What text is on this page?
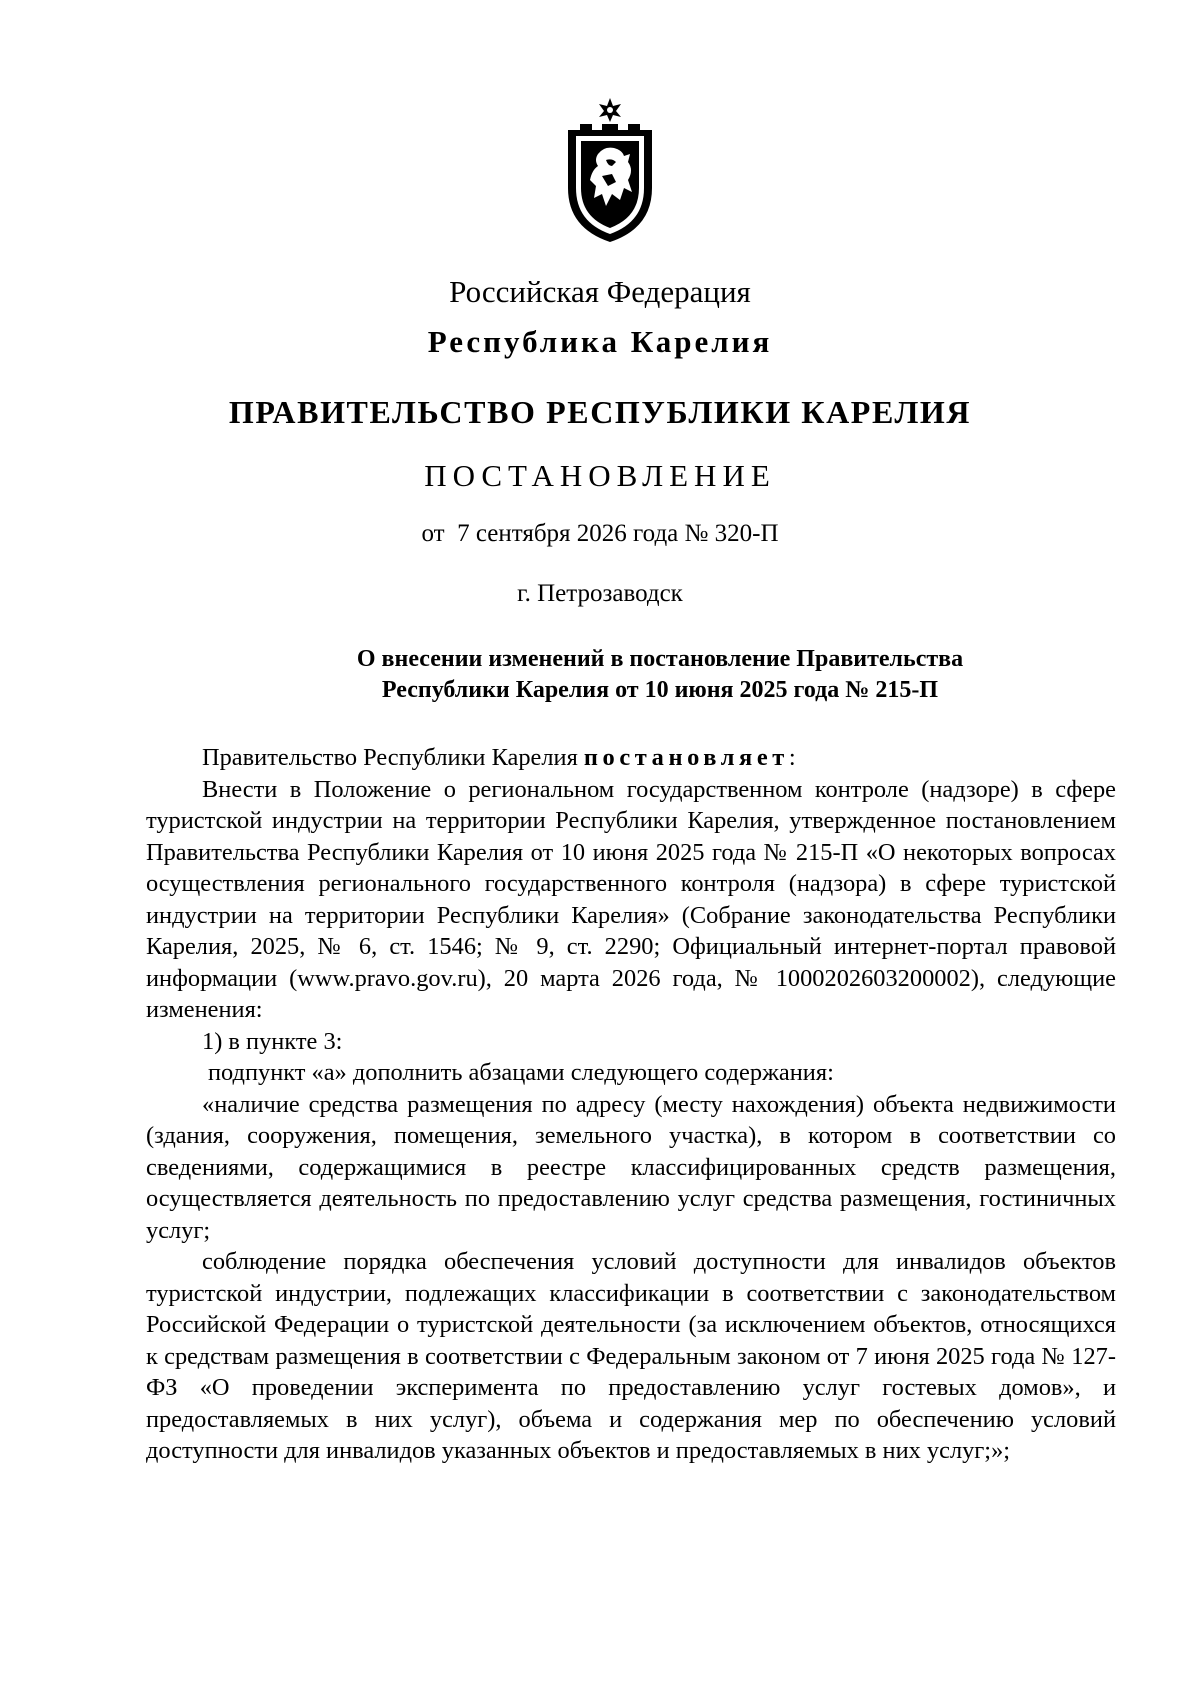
Российская Федерация
Республика Карелия
ПРАВИТЕЛЬСТВО РЕСПУБЛИКИ КАРЕЛИЯ
ПОСТАНОВЛЕНИЕ
от  7 сентября 2026 года № 320-П
г. Петрозаводск
О внесении изменений в постановление Правительства
Республики Карелия от 10 июня 2025 года № 215-П

Правительство Республики Карелия постановляет:

Внести в Положение о региональном государственном контроле (надзоре) в сфере туристской индустрии на территории Республики Карелия, утвержденное постановлением Правительства Республики Карелия от 10 июня 2025 года № 215-П «О некоторых вопросах осуществления регионального государственного контроля (надзора) в сфере туристской индустрии на территории Республики Карелия» (Собрание законодательства Республики Карелия, 2025, № 6, ст. 1546; № 9, ст. 2290; Официальный интернет-портал правовой информации (www.pravo.gov.ru), 20 марта 2026 года, № 1000202603200002), следующие изменения:

1) в пункте 3:

подпункт «а» дополнить абзацами следующего содержания:

«наличие средства размещения по адресу (месту нахождения) объекта недвижимости (здания, сооружения, помещения, земельного участка), в котором в соответствии со сведениями, содержащимися в реестре классифицированных средств размещения, осуществляется деятельность по предоставлению услуг средства размещения, гостиничных услуг;

соблюдение порядка обеспечения условий доступности для инвалидов объектов туристской индустрии, подлежащих классификации в соответствии с законодательством Российской Федерации о туристской деятельности (за исключением объектов, относящихся к средствам размещения в соответствии с Федеральным законом от 7 июня 2025 года № 127-ФЗ «О проведении эксперимента по предоставлению услуг гостевых домов», и предоставляемых в них услуг), объема и содержания мер по обеспечению условий доступности для инвалидов указанных объектов и предоставляемых в них услуг;»;
